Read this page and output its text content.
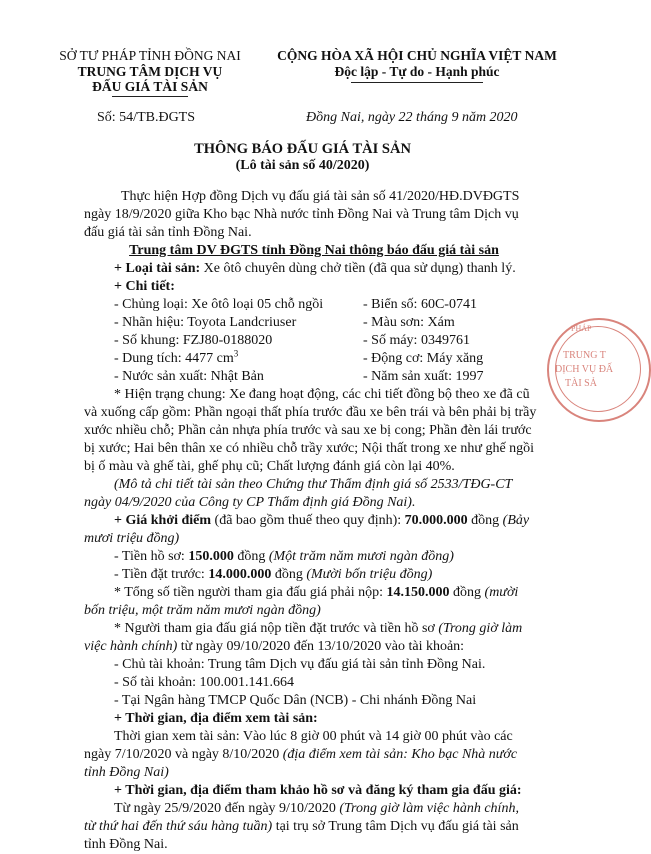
SỞ TƯ PHÁP TỈNH ĐỒNG NAI
TRUNG TÂM DỊCH VỤ
ĐẤU GIÁ TÀI SẢN
CỘNG HÒA XÃ HỘI CHỦ NGHĨA VIỆT NAM
Độc lập - Tự do - Hạnh phúc
Số: 54/TB.ĐGTS	Đồng Nai, ngày 22 tháng 9 năm 2020
THÔNG BÁO ĐẤU GIÁ TÀI SẢN
(Lô tài sản số 40/2020)
Thực hiện Hợp đồng Dịch vụ đấu giá tài sản số 41/2020/HĐ.DVĐGTS
ngày 18/9/2020 giữa Kho bạc Nhà nước tỉnh Đồng Nai và Trung tâm Dịch vụ
đấu giá tài sản tỉnh Đồng Nai.
Trung tâm DV ĐGTS tỉnh Đồng Nai thông báo đấu giá tài sản
+ Loại tài sản: Xe ôtô chuyên dùng chở tiền (đã qua sử dụng) thanh lý.
+ Chi tiết:
- Chủng loại: Xe ôtô loại 05 chỗ ngồi
- Nhãn hiệu: Toyota Landcriuser
- Số khung: FZJ80-0188020
- Dung tích: 4477 $cm^3$
- Nước sản xuất: Nhật Bản
- Biển số: 60C-0741
- Màu sơn: Xám
- Số máy: 0349761
- Động cơ: Máy xăng
- Năm sản xuất: 1997
* Hiện trạng chung: Xe đang hoạt động, các chi tiết đồng bộ theo xe đã cũ
và xuống cấp gồm: Phần ngoại thất phía trước đầu xe bên trái và bên phải bị trầy
xước nhiều chỗ; Phần cản nhựa phía trước và sau xe bị cong; Phần đèn lái trước
bị xước; Hai bên thân xe có nhiều chỗ trầy xước; Nội thất trong xe như ghế ngồi
bị ố màu và ghế tài, ghế phụ cũ; Chất lượng đánh giá còn lại 40%.
(Mô tả chi tiết tài sản theo Chứng thư Thẩm định giá số 2533/TĐG-CT
ngày 04/9/2020 của Công ty CP Thẩm định giá Đồng Nai).
+ Giá khởi điểm (đã bao gồm thuế theo quy định): 70.000.000 đồng (Bảy
mươi triệu đồng)
- Tiền hồ sơ: 150.000 đồng (Một trăm năm mươi ngàn đồng)
- Tiền đặt trước: 14.000.000 đồng (Mười bốn triệu đồng)
* Tổng số tiền người tham gia đấu giá phải nộp: 14.150.000 đồng (mười
bốn triệu, một trăm năm mươi ngàn đồng)
* Người tham gia đấu giá nộp tiền đặt trước và tiền hồ sơ (Trong giờ làm
việc hành chính) từ ngày 09/10/2020 đến 13/10/2020 vào tài khoản:
- Chủ tài khoản: Trung tâm Dịch vụ đấu giá tài sản tỉnh Đồng Nai.
- Số tài khoản: 100.001.141.664
- Tại Ngân hàng TMCP Quốc Dân (NCB) - Chi nhánh Đồng Nai
+ Thời gian, địa điểm xem tài sản:
Thời gian xem tài sản: Vào lúc 8 giờ 00 phút và 14 giờ 00 phút vào các
ngày 7/10/2020 và ngày 8/10/2020 (địa điểm xem tài sản: Kho bạc Nhà nước
tỉnh Đồng Nai)
+ Thời gian, địa điểm tham khảo hồ sơ và đăng ký tham gia đấu giá:
Từ ngày 25/9/2020 đến ngày 9/10/2020 (Trong giờ làm việc hành chính,
từ thứ hai đến thứ sáu hàng tuần) tại trụ sở Trung tâm Dịch vụ đấu giá tài sản
tỉnh Đồng Nai.
PHÁP
TRUNG T
DỊCH VỤ ĐẤ
TÀI SẢ
